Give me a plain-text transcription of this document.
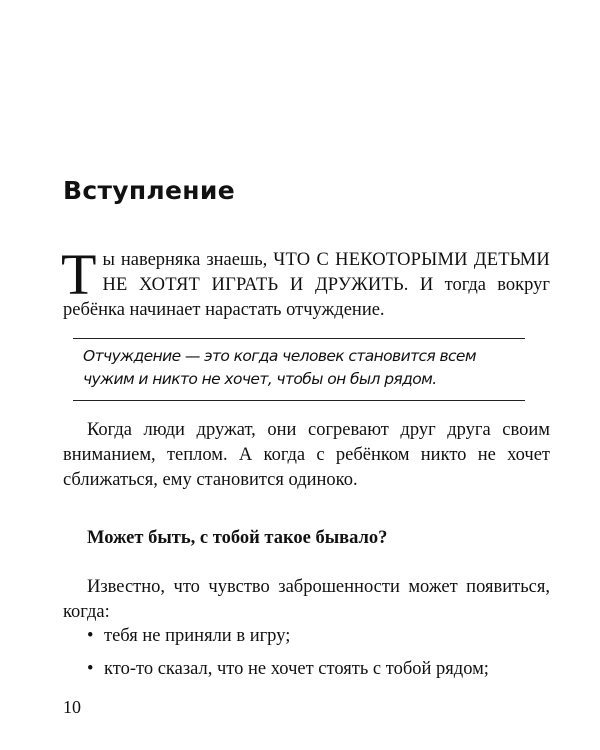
Вступление

Ты наверняка знаешь, ЧТО С НЕКОТОРЫМИ ДЕТЬМИ НЕ ХОТЯТ ИГРАТЬ И ДРУЖИТЬ. И тогда вокруг ребёнка начинает нарастать отчуждение.

Отчуждение — это когда человек становится всем чужим и никто не хочет, чтобы он был рядом.

Когда люди дружат, они согревают друг друга своим вниманием, теплом. А когда с ребёнком никто не хочет сближаться, ему становится одиноко.

Может быть, с тобой такое бывало?

Известно, что чувство заброшенности может появиться, когда:

• тебя не приняли в игру;
• кто-то сказал, что не хочет стоять с тобой рядом;

10
